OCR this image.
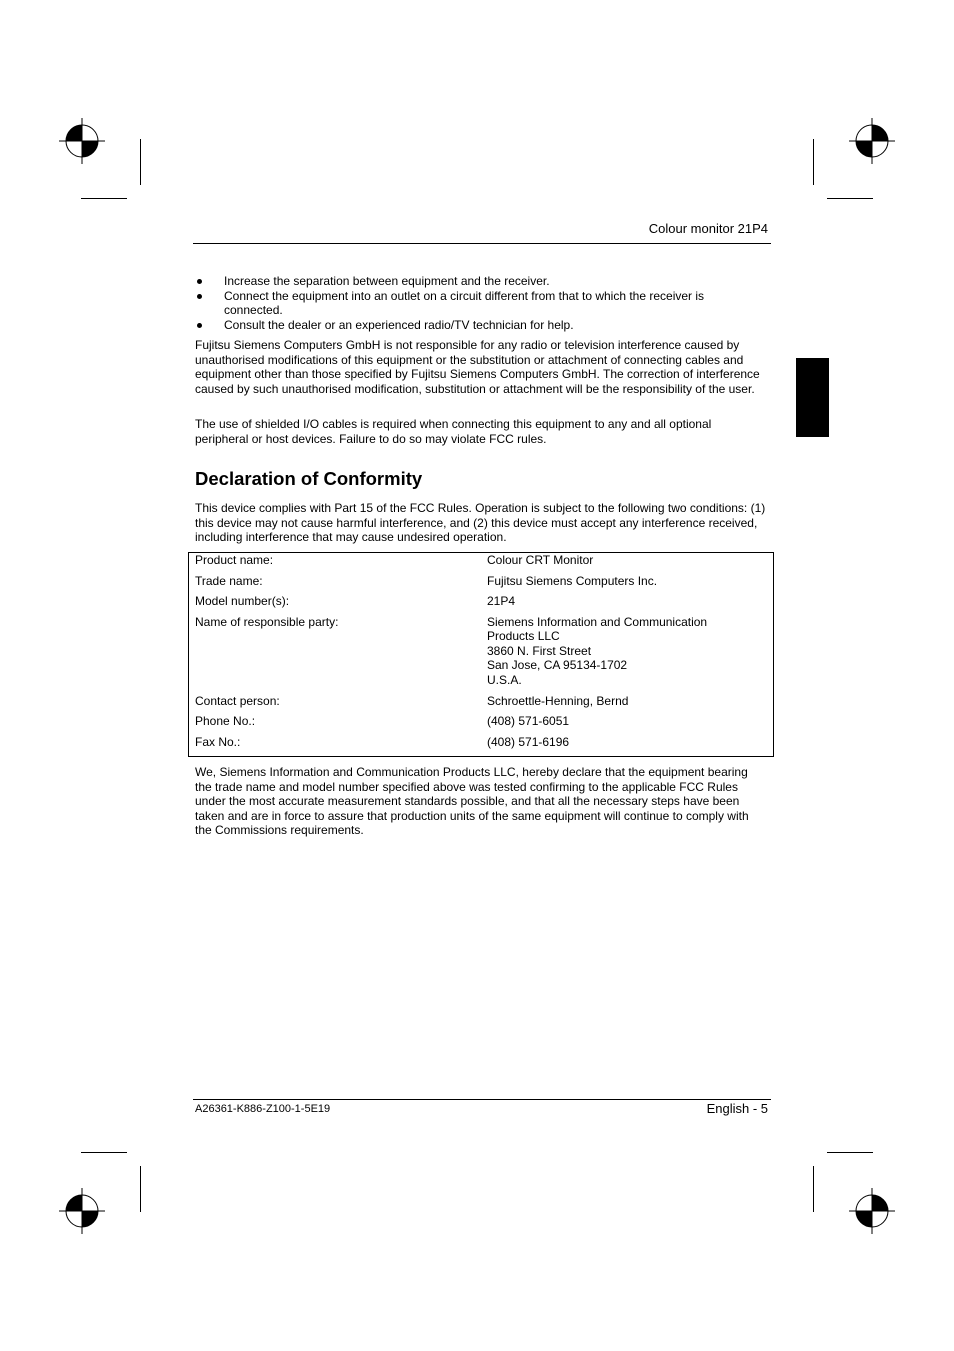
Colour monitor 21P4
Increase the separation between equipment and the receiver.
Connect the equipment into an outlet on a circuit different from that to which the receiver is connected.
Consult the dealer or an experienced radio/TV technician for help.

Fujitsu Siemens Computers GmbH is not responsible for any radio or television interference caused by unauthorised modifications of this equipment or the substitution or attachment of connecting cables and equipment other than those specified by Fujitsu Siemens Computers GmbH. The correction of interference caused by such unauthorised modification, substitution or attachment will be the responsibility of the user.

The use of shielded I/O cables is required when connecting this equipment to any and all optional peripheral or host devices. Failure to do so may violate FCC rules.

Declaration of Conformity

This device complies with Part 15 of the FCC Rules. Operation is subject to the following two conditions: (1) this device may not cause harmful interference, and (2) this device must accept any interference received, including interference that may cause undesired operation.

Product name:	Colour CRT Monitor
Trade name:	Fujitsu Siemens Computers Inc.
Model number(s):	21P4
Name of responsible party:	Siemens Information and Communication
Products LLC
3860 N. First Street
San Jose, CA 95134-1702
U.S.A.
Contact person:	Schroettle-Henning, Bernd
Phone No.:	(408) 571-6051
Fax No.:	(408) 571-6196

We, Siemens Information and Communication Products LLC, hereby declare that the equipment bearing the trade name and model number specified above was tested confirming to the applicable FCC Rules under the most accurate measurement standards possible, and that all the necessary steps have been taken and are in force to assure that production units of the same equipment will continue to comply with the Commissions requirements.

A26361-K886-Z100-1-5E19	English - 5
